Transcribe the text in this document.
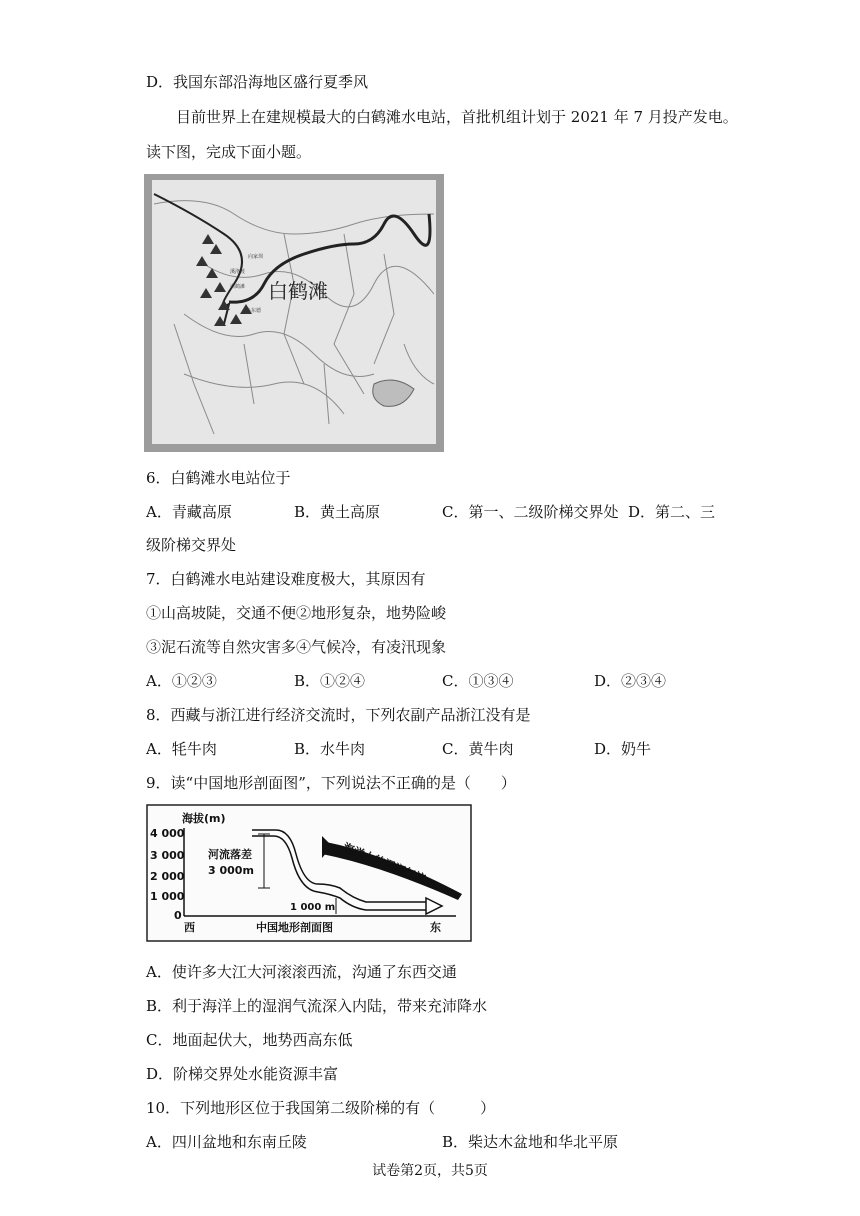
D．我国东部沿海地区盛行夏季风
目前世界上在建规模最大的白鹤滩水电站，首批机组计划于 2021 年 7 月投产发电。
读下图，完成下面小题。
向家坝
溪洛渡
白鹤滩
乌东德
白鹤滩
6．白鹤滩水电站位于
A．青藏高原	B．黄土高原	C．第一、二级阶梯交界处 D．第二、三
级阶梯交界处
7．白鹤滩水电站建设难度极大，其原因有
①山高坡陡，交通不便②地形复杂，地势险峻
③泥石流等自然灾害多④气候冷，有凌汛现象
A．①②③	B．①②④	C．①③④	D．②③④
8．西藏与浙江进行经济交流时，下列农副产品浙江没有是
A．牦牛肉	B．水牛肉	C．黄牛肉	D．奶牛
9．读“中国地形剖面图”，下列说法不正确的是（　　）
海拔(m)
4 000
3 000
2 000
1 000
0
河流落差
3 000m
1 000 m
海洋上的湿润气流
西	东
中国地形剖面图
A．使许多大江大河滚滚西流，沟通了东西交通
B．利于海洋上的湿润气流深入内陆，带来充沛降水
C．地面起伏大，地势西高东低
D．阶梯交界处水能资源丰富
10．下列地形区位于我国第二级阶梯的有（　　　）
A．四川盆地和东南丘陵	B．柴达木盆地和华北平原
试卷第2页，共5页
